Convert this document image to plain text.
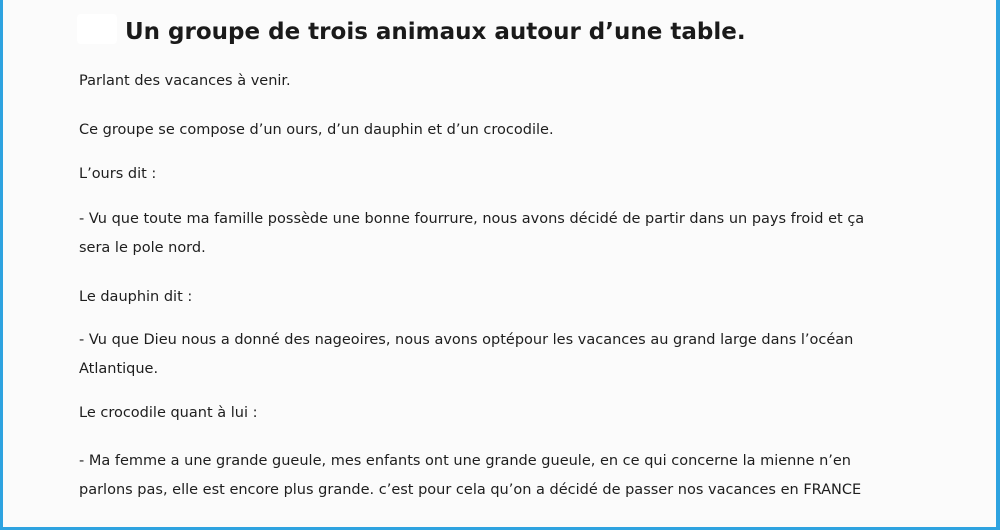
Un groupe de trois animaux autour d’une table.

Parlant des vacances à venir.

Ce groupe se compose d’un ours, d’un dauphin et d’un crocodile.

L’ours dit :

- Vu que toute ma famille possède une bonne fourrure, nous avons décidé de partir dans un pays froid et ça
sera le pole nord.

Le dauphin dit :

- Vu que Dieu nous a donné des nageoires, nous avons optépour les vacances au grand large dans l’océan
Atlantique.

Le crocodile quant à lui :

- Ma femme a une grande gueule, mes enfants ont une grande gueule, en ce qui concerne la mienne n’en
parlons pas, elle est encore plus grande. c’est pour cela qu’on a décidé de passer nos vacances en FRANCE
